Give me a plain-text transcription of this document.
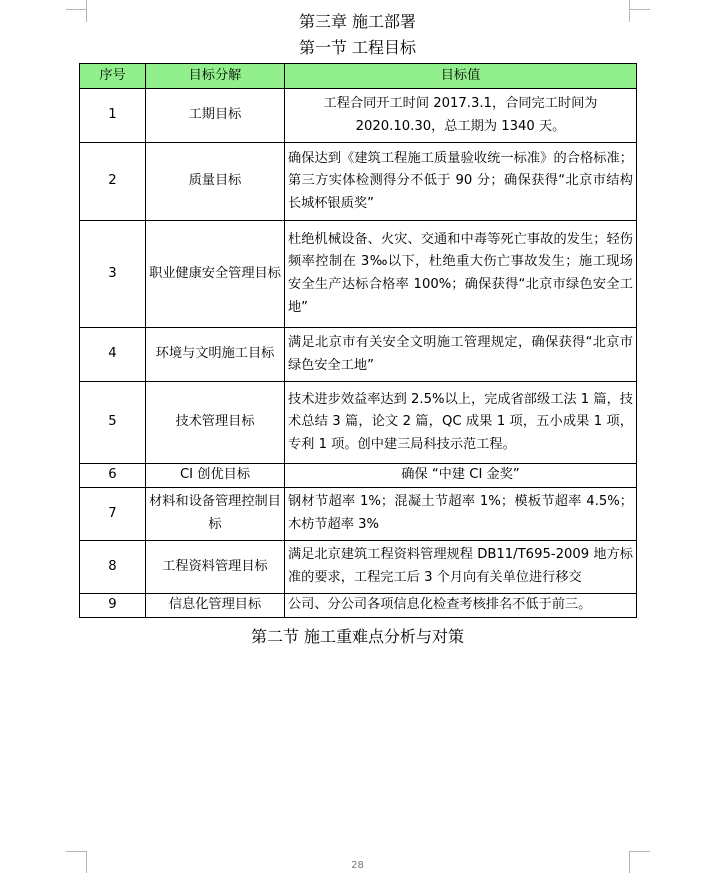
第三章 施工部署
第一节 工程目标
序号	目标分解	目标值
1	工期目标	工程合同开工时间 2017.3.1，合同完工时间为 2020.10.30，总工期为 1340 天。
2	质量目标	确保达到《建筑工程施工质量验收统一标准》的合格标准；第三方实体检测得分不低于 90 分；确保获得“北京市结构长城杯银质奖”
3	职业健康安全管理目标	杜绝机械设备、火灾、交通和中毒等死亡事故的发生；轻伤频率控制在 3‰以下，杜绝重大伤亡事故发生；施工现场安全生产达标合格率 100%；确保获得“北京市绿色安全工地”
4	环境与文明施工目标	满足北京市有关安全文明施工管理规定，确保获得“北京市绿色安全工地”
5	技术管理目标	技术进步效益率达到 2.5%以上，完成省部级工法 1 篇，技术总结 3 篇，论文 2 篇，QC 成果 1 项，五小成果 1 项，专利 1 项。创中建三局科技示范工程。
6	CI 创优目标	确保 “中建 CI 金奖”
7	材料和设备管理控制目标	钢材节超率 1%；混凝土节超率 1%；模板节超率 4.5%；木枋节超率 3%
8	工程资料管理目标	满足北京建筑工程资料管理规程 DB11/T695-2009 地方标准的要求，工程完工后 3 个月向有关单位进行移交
9	信息化管理目标	公司、分公司各项信息化检查考核排名不低于前三。
第二节 施工重难点分析与对策
28
